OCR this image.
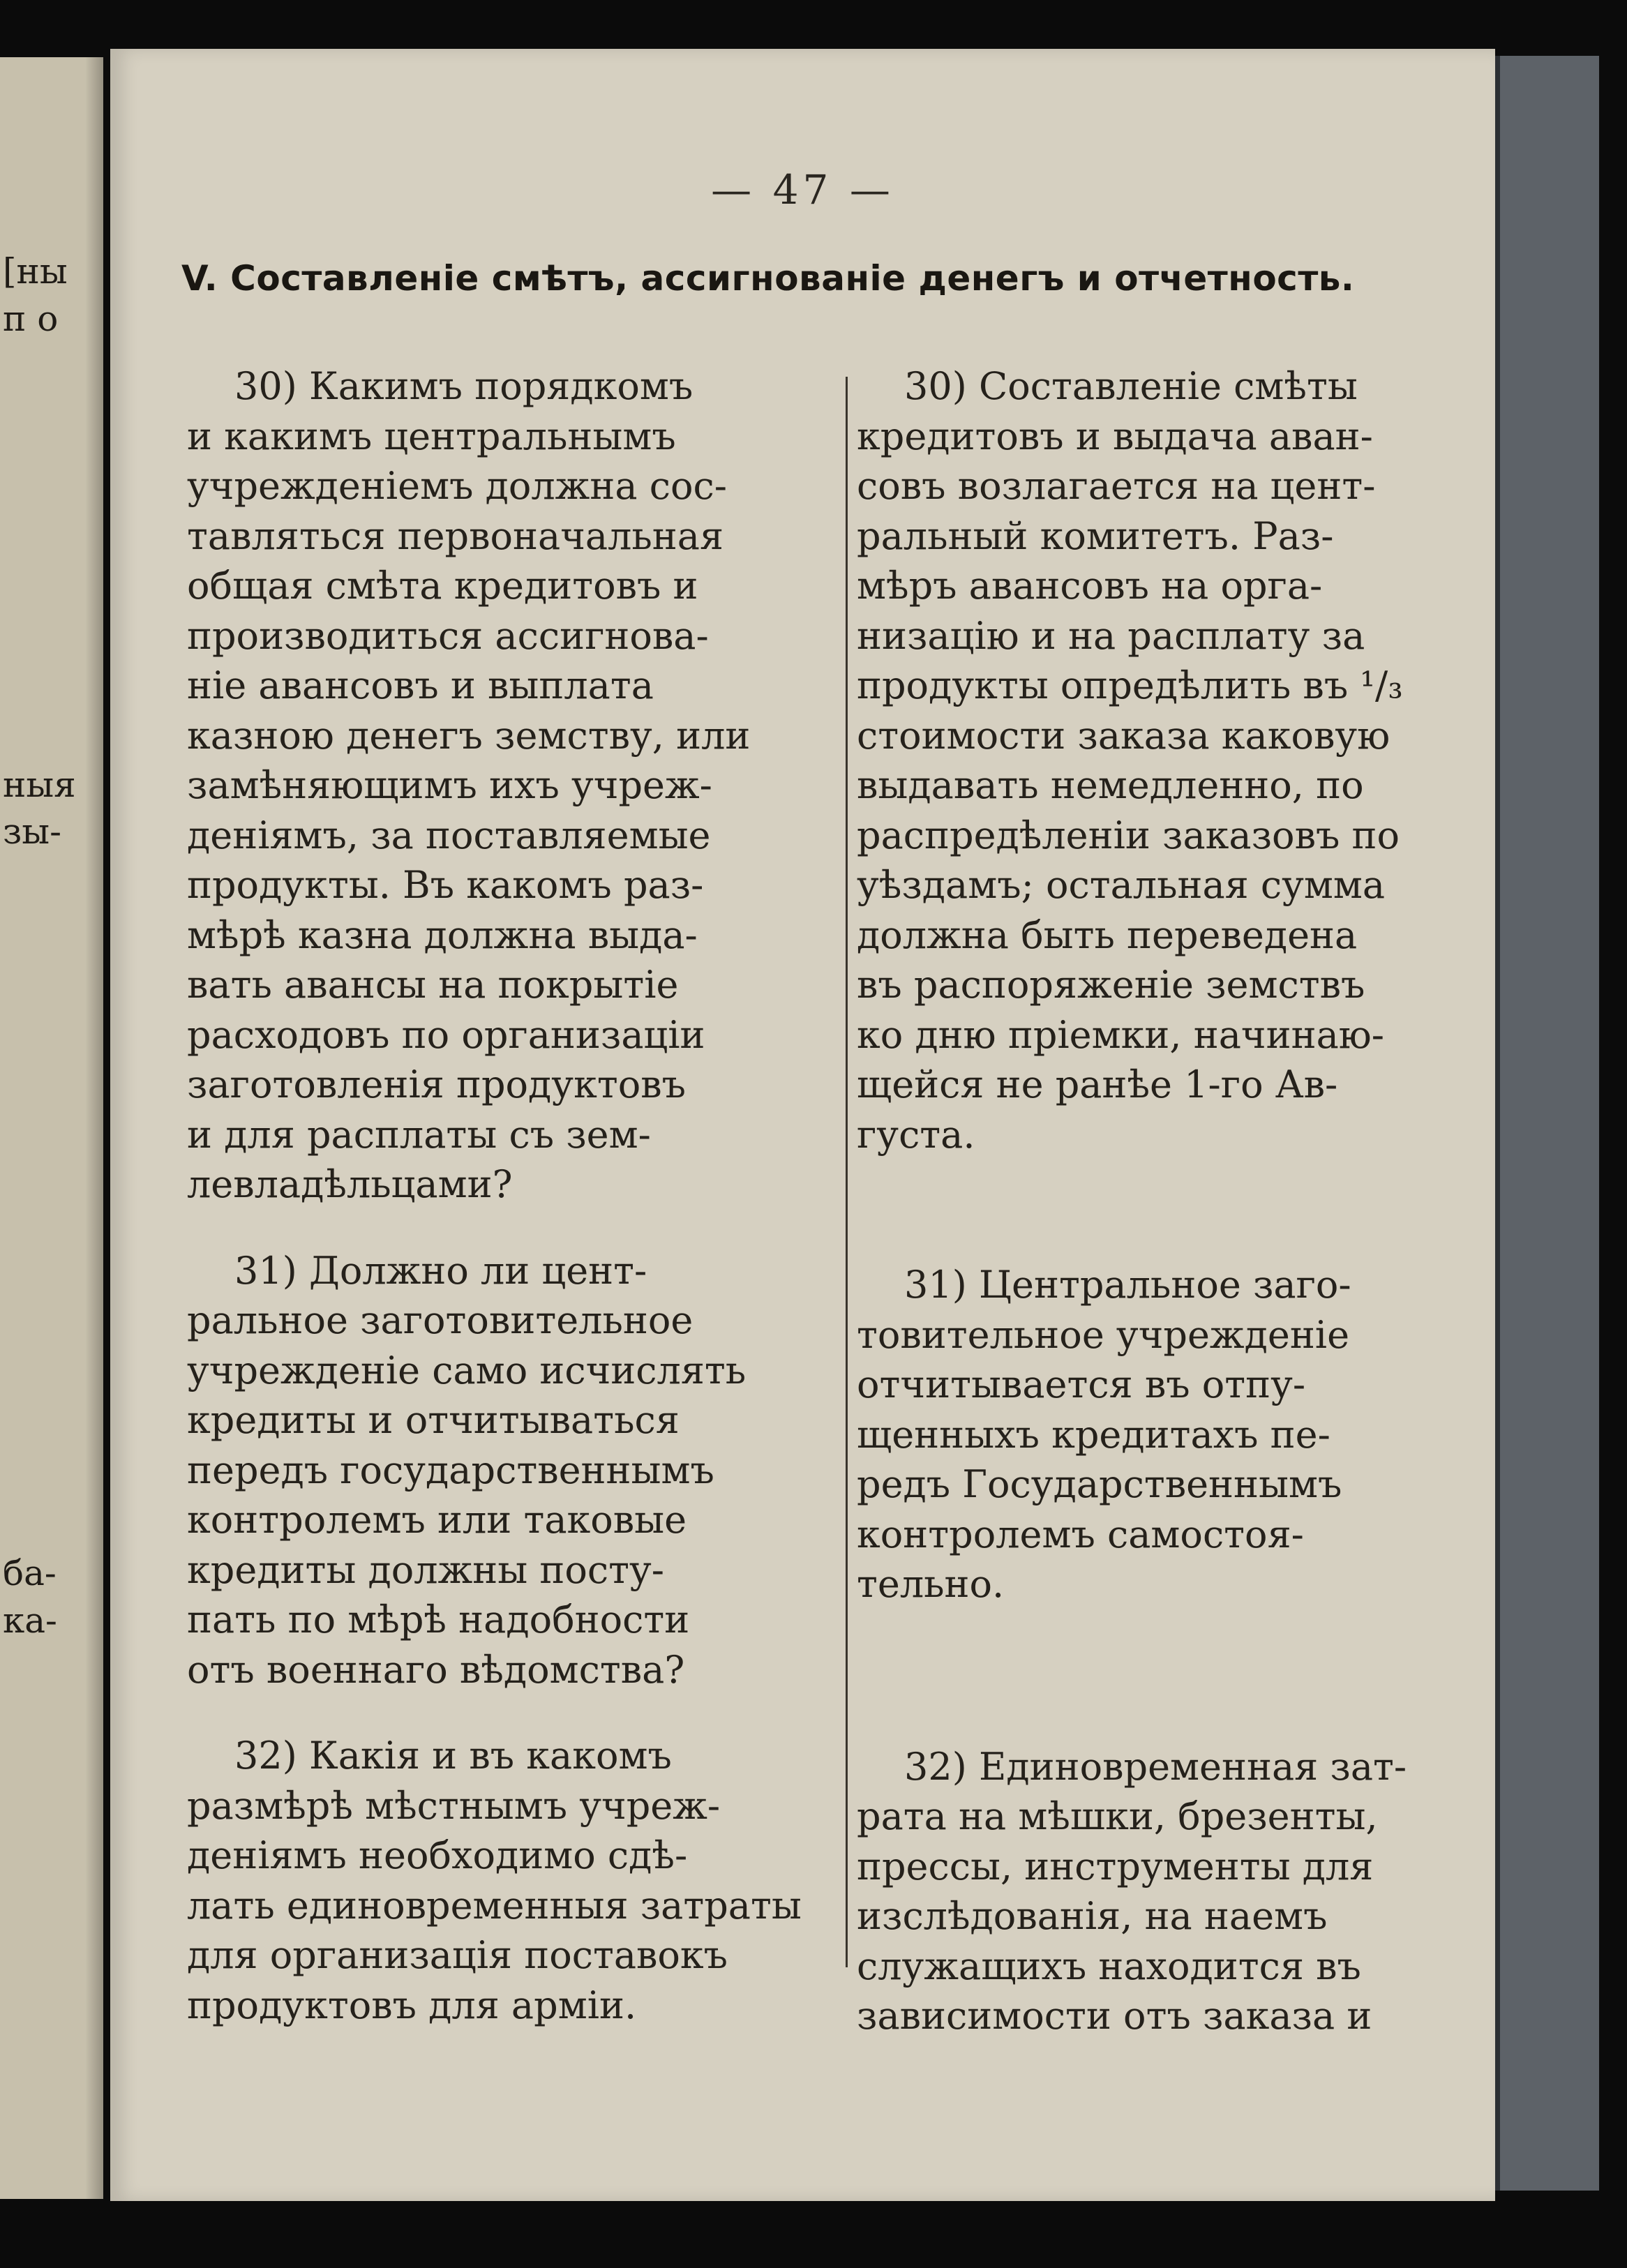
[ны
п о
ныя
зы-
ба-
ка-
— 47 —
V. Составленіе смѣтъ, ассигнованіе денегъ и отчетность.
30) Какимъ порядкомъ
и какимъ центральнымъ
учрежденіемъ должна сос-
тавляться первоначальная
общая смѣта кредитовъ и
производиться ассигнова-
ніе авансовъ и выплата
казною денегъ земству, или
замѣняющимъ ихъ учреж-
деніямъ, за поставляемые
продукты. Въ какомъ раз-
мѣрѣ казна должна выда-
вать авансы на покрытіе
расходовъ по организаціи
заготовленія продуктовъ
и для расплаты съ зем-
левладѣльцами?
31) Должно ли цент-
ральное заготовительное
учрежденіе само исчислять
кредиты и отчитываться
передъ государственнымъ
контролемъ или таковые
кредиты должны посту-
пать по мѣрѣ надобности
отъ военнаго вѣдомства?
32) Какія и въ какомъ
размѣрѣ мѣстнымъ учреж-
деніямъ необходимо сдѣ-
лать единовременныя затраты
для организація поставокъ
продуктовъ для арміи.
30) Составленіе смѣты
кредитовъ и выдача аван-
совъ возлагается на цент-
ральный комитетъ. Раз-
мѣръ авансовъ на орга-
низацію и на расплату за
продукты опредѣлить въ ¹/₃
стоимости заказа каковую
выдавать немедленно, по
распредѣленіи заказовъ по
уѣздамъ; остальная сумма
должна быть переведена
въ распоряженіе земствъ
ко дню пріемки, начинаю-
щейся не ранѣе 1-го Ав-
густа.
31) Центральное заго-
товительное учрежденіе
отчитывается въ отпу-
щенныхъ кредитахъ пе-
редъ Государственнымъ
контролемъ самостоя-
тельно.
32) Единовременная зат-
рата на мѣшки, брезенты,
прессы, инструменты для
изслѣдованія, на наемъ
служащихъ находится въ
зависимости отъ заказа и
